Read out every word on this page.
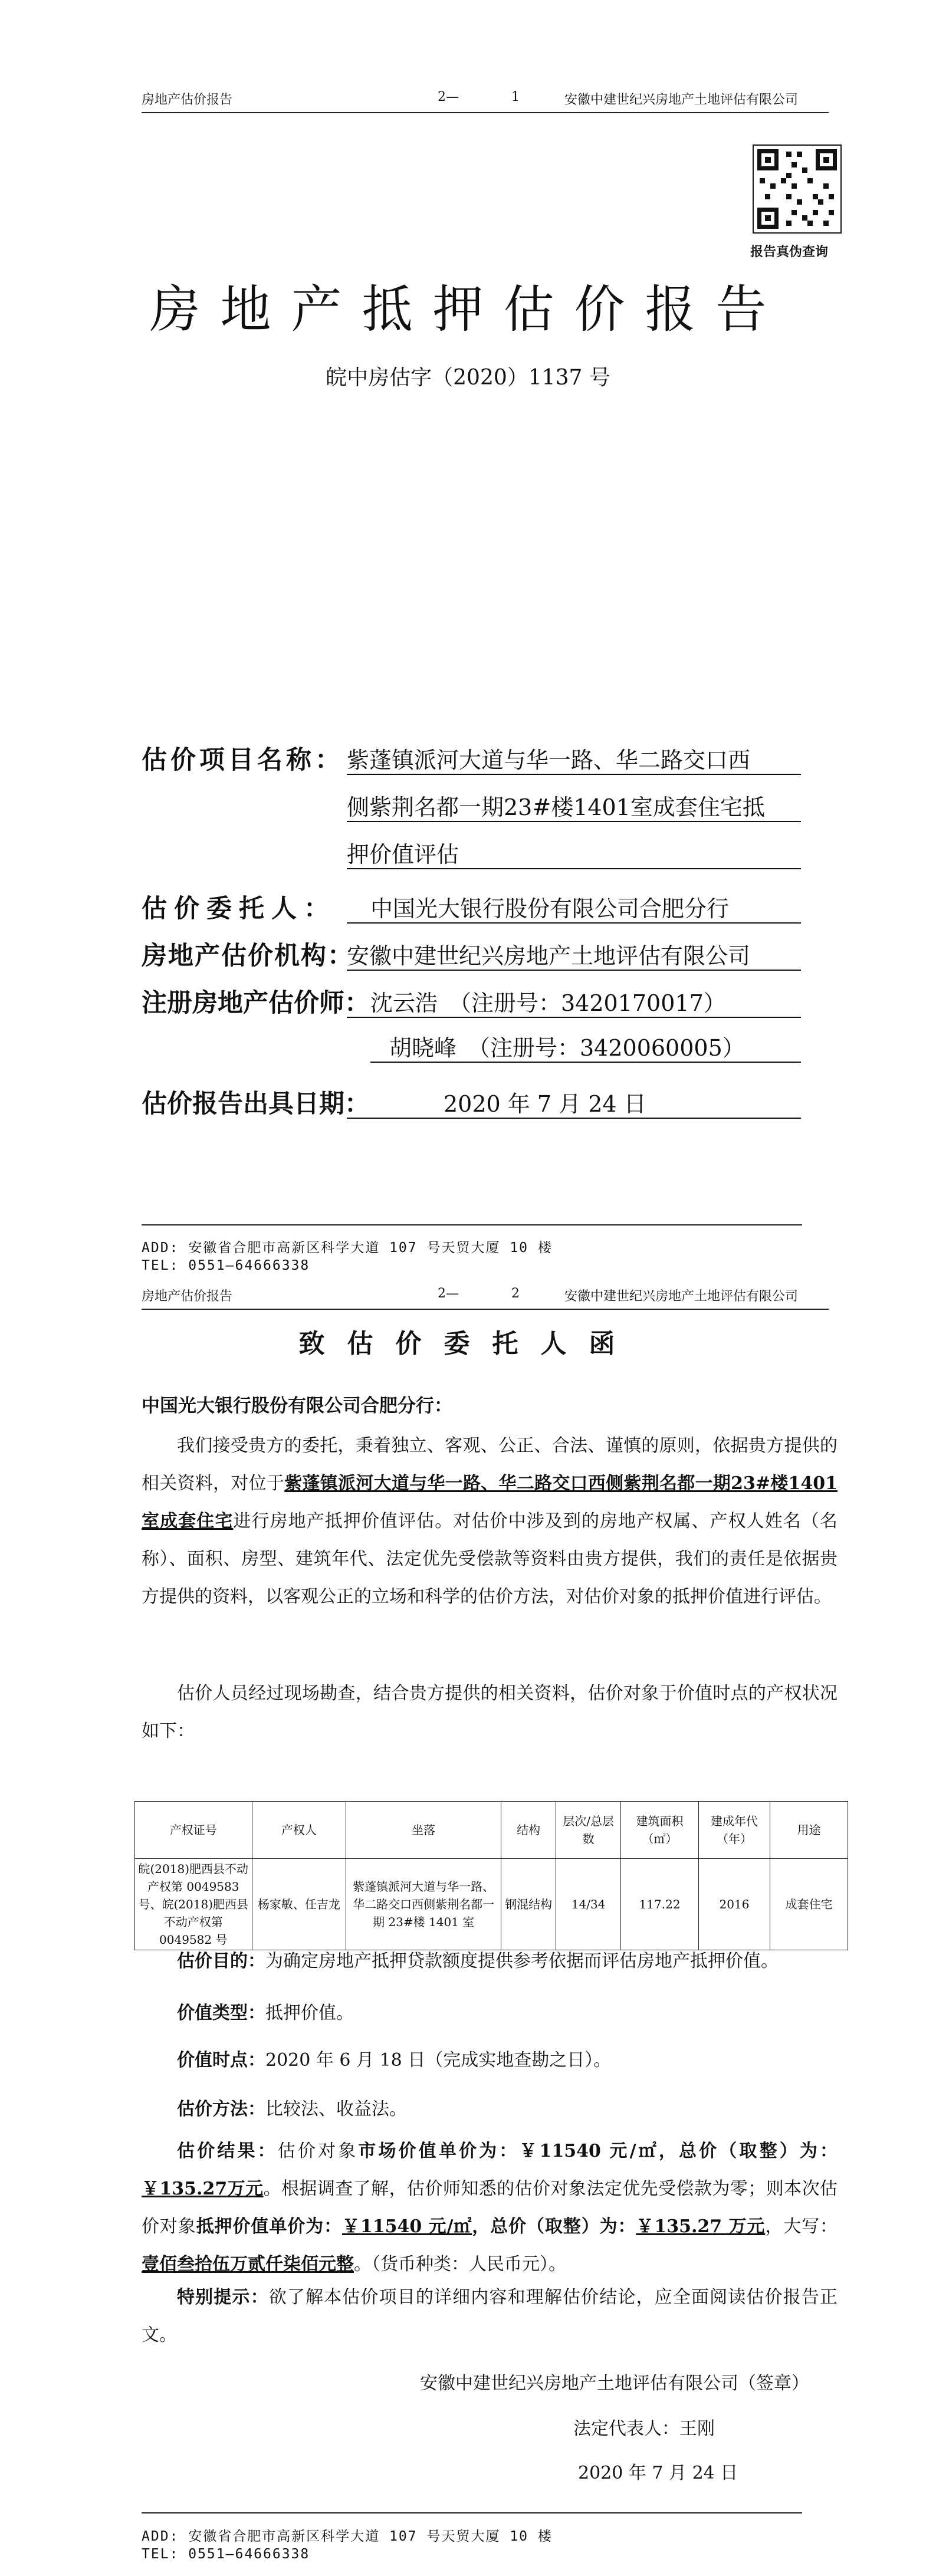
房地产估价报告	2—	1	安徽中建世纪兴房地产土地评估有限公司
报告真伪查询
房地产抵押估价报告
皖中房估字（2020）1137 号
估价项目名称： 紫蓬镇派河大道与华一路、华二路交口西
侧紫荆名都一期23#楼1401室成套住宅抵
押价值评估
估价委托人： 中国光大银行股份有限公司合肥分行
房地产估价机构：
安徽中建世纪兴房地产土地评估有限公司
注册房地产估价师： 沈云浩　（注册号：3420170017）
胡晓峰　（注册号：3420060005）
估价报告出具日期：	2020 年 7 月 24 日
ADD: 安徽省合肥市高新区科学大道 107 号天贸大厦 10 楼
TEL: 0551—64666338
房地产估价报告	2—	2	安徽中建世纪兴房地产土地评估有限公司
致估价委托人函
中国光大银行股份有限公司合肥分行：

我们接受贵方的委托，秉着独立、客观、公正、合法、谨慎的原则，依据贵方提供的相关资料，对位于紫蓬镇派河大道与华一路、华二路交口西侧紫荆名都一期23#楼1401室成套住宅进行房地产抵押价值评估。对估价中涉及到的房地产权属、产权人姓名（名称）、面积、房型、建筑年代、法定优先受偿款等资料由贵方提供，我们的责任是依据贵方提供的资料，以客观公正的立场和科学的估价方法，对估价对象的抵押价值进行评估。

估价人员经过现场勘查，结合贵方提供的相关资料，估价对象于价值时点的产权状况如下：

产权证号	产权人	坐落	结构	层次/总层数	建筑面积（㎡）	建成年代（年）	用途
皖(2018)肥西县不动产权第 0049583 号、皖(2018)肥西县不动产权第 0049582 号	杨家敏、任吉龙	紫蓬镇派河大道与华一路、华二路交口西侧紫荆名都一期 23#楼 1401 室	钢混结构	14/34	117.22	2016	成套住宅
估价目的：为确定房地产抵押贷款额度提供参考依据而评估房地产抵押价值。
价值类型：抵押价值。
价值时点：2020 年 6 月 18 日（完成实地查勘之日）。
估价方法：比较法、收益法。

估价结果：估价对象市场价值单价为：￥11540 元/㎡，总价（取整）为：￥135.27万元。根据调查了解，估价师知悉的估价对象法定优先受偿款为零；则本次估价对象抵押价值单价为：￥11540 元/㎡，总价（取整）为：￥135.27 万元，大写：壹佰叁拾伍万贰仟柒佰元整。（货币种类：人民币元）。

特别提示：欲了解本估价项目的详细内容和理解估价结论，应全面阅读估价报告正文。

安徽中建世纪兴房地产土地评估有限公司（签章）
法定代表人：王刚
2020 年 7 月 24 日
ADD: 安徽省合肥市高新区科学大道 107 号天贸大厦 10 楼
TEL: 0551—64666338
